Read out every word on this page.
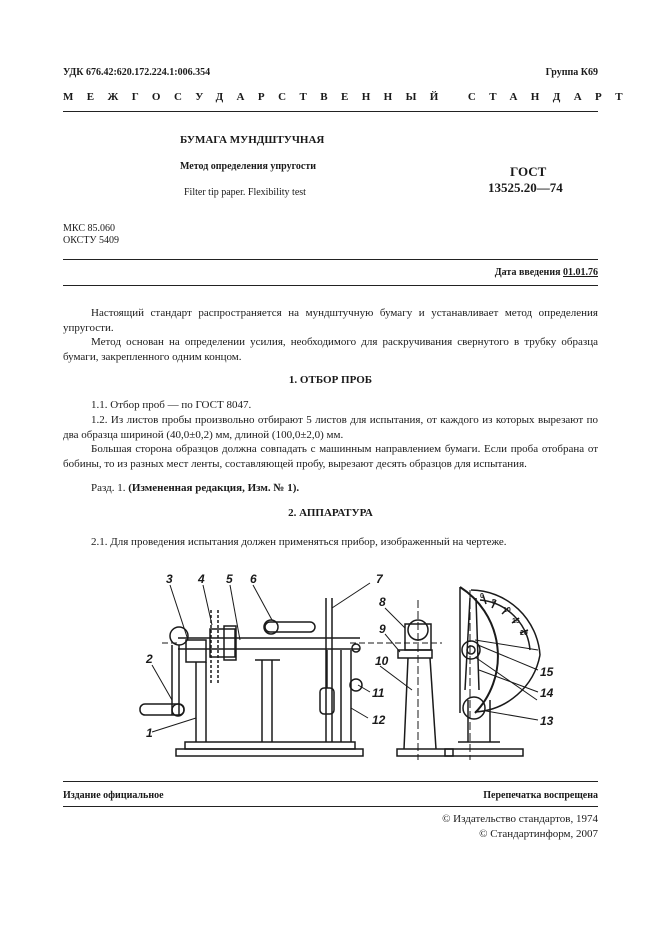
УДК 676.42:620.172.224.1:006.354	Группа К69
МЕЖГОСУДАРСТВЕННЫЙ СТАНДАРТ
БУМАГА МУНДШТУЧНАЯ
Метод определения упругости
Filter tip paper. Flexibility test
ГОСТ
13525.20—74
МКС 85.060
ОКСТУ 5409
Дата введения 01.01.76
Настоящий стандарт распространяется на мундштучную бумагу и устанавливает метод определения упругости.
Метод основан на определении усилия, необходимого для раскручивания свернутого в трубку образца бумаги, закрепленного одним концом.
1. ОТБОР ПРОБ
1.1. Отбор проб — по ГОСТ 8047.
1.2. Из листов пробы произвольно отбирают 5 листов для испытания, от каждого из которых вырезают по два образца шириной (40,0±0,2) мм, длиной (100,0±2,0) мм.
Большая сторона образцов должна совпадать с машинным направлением бумаги. Если проба отобрана от бобины, то из разных мест ленты, составляющей пробу, вырезают десять образцов для испытания.
Разд. 1. (Измененная редакция, Изм. № 1).
2. АППАРАТУРА
2.1. Для проведения испытания должен применяться прибор, изображенный на чертеже.
1
2
3 4 5 6	7
8
9
10
11
12	13
14
15
0
5
10
15
20
Издание официальное	Перепечатка воспрещена
© Издательство стандартов, 1974
© Стандартинформ, 2007
